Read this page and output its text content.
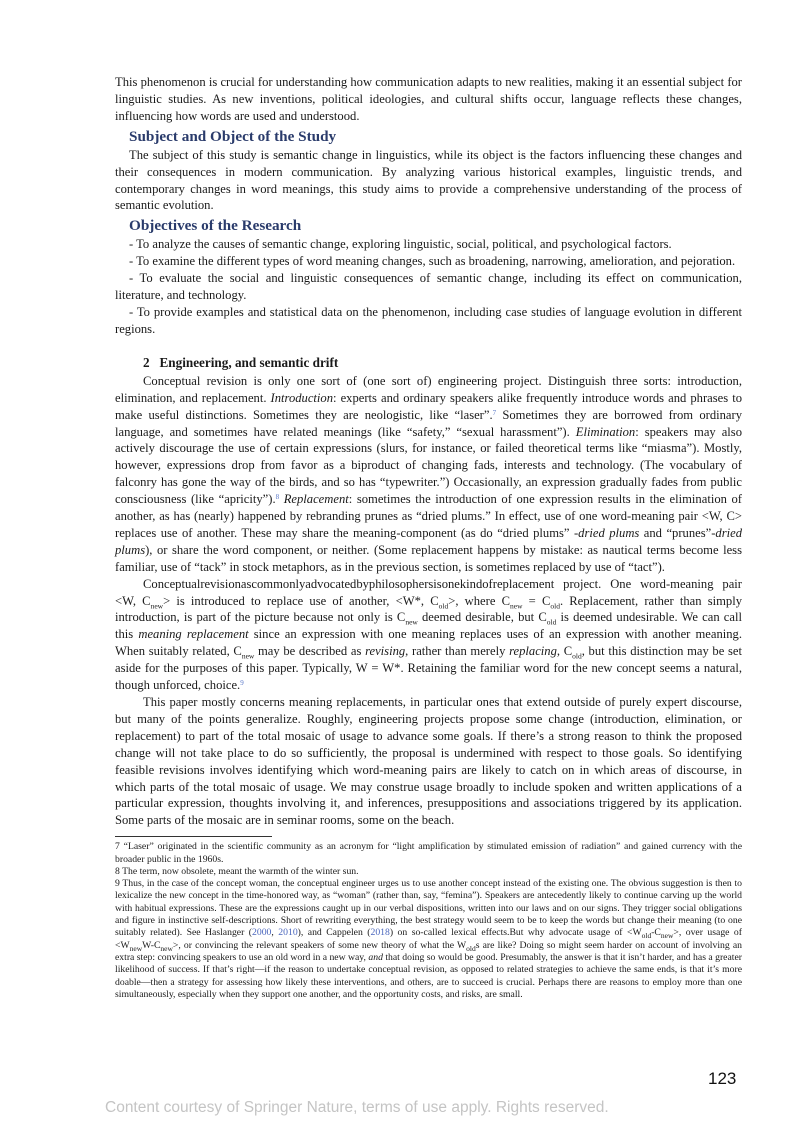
This phenomenon is crucial for understanding how communication adapts to new realities, making it an essential subject for linguistic studies. As new inventions, political ideologies, and cultural shifts occur, language reflects these changes, influencing how words are used and understood.

Subject and Object of the Study

The subject of this study is semantic change in linguistics, while its object is the factors influencing these changes and their consequences in modern communication. By analyzing various historical examples, linguistic trends, and contemporary changes in word meanings, this study aims to provide a comprehensive understanding of the process of semantic evolution.

Objectives of the Research

- To analyze the causes of semantic change, exploring linguistic, social, political, and psychological factors.

- To examine the different types of word meaning changes, such as broadening, narrowing, amelioration, and pejoration.

- To evaluate the social and linguistic consequences of semantic change, including its effect on communication, literature, and technology.

- To provide examples and statistical data on the phenomenon, including case studies of language evolution in different regions.

2 Engineering, and semantic drift

Conceptual revision is only one sort of (one sort of) engineering project. Distinguish three sorts: introduction, elimination, and replacement. Introduction: experts and ordinary speakers alike frequently introduce words and phrases to make useful distinctions. Sometimes they are neologistic, like “laser”.$^7$ Sometimes they are borrowed from ordinary language, and sometimes have related meanings (like “safety,” “sexual harassment”). Elimination: speakers may also actively discourage the use of certain expressions (slurs, for instance, or failed theoretical terms like “miasma”). Mostly, however, expressions drop from favor as a biproduct of changing fads, interests and technology. (The vocabulary of falconry has gone the way of the birds, and so has “typewriter.”) Occasionally, an expression gradually fades from public consciousness (like “apricity”).$^8$ Replacement: sometimes the introduction of one expression results in the elimination of another, as has (nearly) happened by rebranding prunes as “dried plums.” In effect, use of one word-meaning pair <W, C> replaces use of another. These may share the meaning-component (as do “dried plums” -dried plums and “prunes”-dried plums), or share the word component, or neither. (Some replacement happens by mistake: as nautical terms become less familiar, use of “tack” in stock metaphors, as in the previous section, is sometimes replaced by use of “tact”).

Conceptualrevisionascommonlyadvocatedbyphilosophersisonekindofreplacement project. One word-meaning pair <W, $C_{new}>$ is introduced to replace use of another, <W*, $C_{old}>$, where $C_{new} = C_{old}$. Replacement, rather than simply introduction, is part of the picture because not only is $C_{new}$ deemed desirable, but $C_{old}$ is deemed undesirable. We can call this meaning replacement since an expression with one meaning replaces uses of an expression with another meaning. When suitably related, $C_{new}$ may be described as revising, rather than merely replacing, $C_{old}$, but this distinction may be set aside for the purposes of this paper. Typically, W = W*. Retaining the familiar word for the new concept seems a natural, though unforced, choice.$^9$

This paper mostly concerns meaning replacements, in particular ones that extend outside of purely expert discourse, but many of the points generalize. Roughly, engineering projects propose some change (introduction, elimination, or replacement) to part of the total mosaic of usage to advance some goals. If there’s a strong reason to think the proposed change will not take place to do so sufficiently, the proposal is undermined with respect to those goals. So identifying feasible revisions involves identifying which word-meaning pairs are likely to catch on in which areas of discourse, in which parts of the total mosaic of usage. We may construe usage broadly to include spoken and written applications of a particular expression, thoughts involving it, and inferences, presuppositions and associations triggered by its application. Some parts of the mosaic are in seminar rooms, some on the beach.

7 “Laser” originated in the scientific community as an acronym for “light amplification by stimulated emission of radiation” and gained currency with the broader public in the 1960s.

8 The term, now obsolete, meant the warmth of the winter sun.

9 Thus, in the case of the concept woman, the conceptual engineer urges us to use another concept instead of the existing one. The obvious suggestion is then to lexicalize the new concept in the time-honored way, as “woman” (rather than, say, “femina”). Speakers are antecedently likely to continue carving up the world with habitual expressions. These are the expressions caught up in our verbal dispositions, written into our laws and on our signs. They trigger social obligations and figure in instinctive self-descriptions. Short of rewriting everything, the best strategy would seem to be to keep the words but change their meaning (to one suitably related). See Haslanger (2000, 2010), and Cappelen (2018) on so-called lexical effects.But why advocate usage of $<W_{old}-C_{new}>$, over usage of $<W_{new}W-C_{new}>$, or convincing the relevant speakers of some new theory of what the $W_{old}s$ are like? Doing so might seem harder on account of involving an extra step: convincing speakers to use an old word in a new way, and that doing so would be good. Presumably, the answer is that it isn’t harder, and has a greater likelihood of success. If that’s right—if the reason to undertake conceptual revision, as opposed to related strategies to achieve the same ends, is that it’s more doable—then a strategy for assessing how likely these interventions, and others, are to succeed is crucial. Perhaps there are reasons to employ more than one simultaneously, especially when they support one another, and the opportunity costs, and risks, are small.

123
Content courtesy of Springer Nature, terms of use apply. Rights reserved.
